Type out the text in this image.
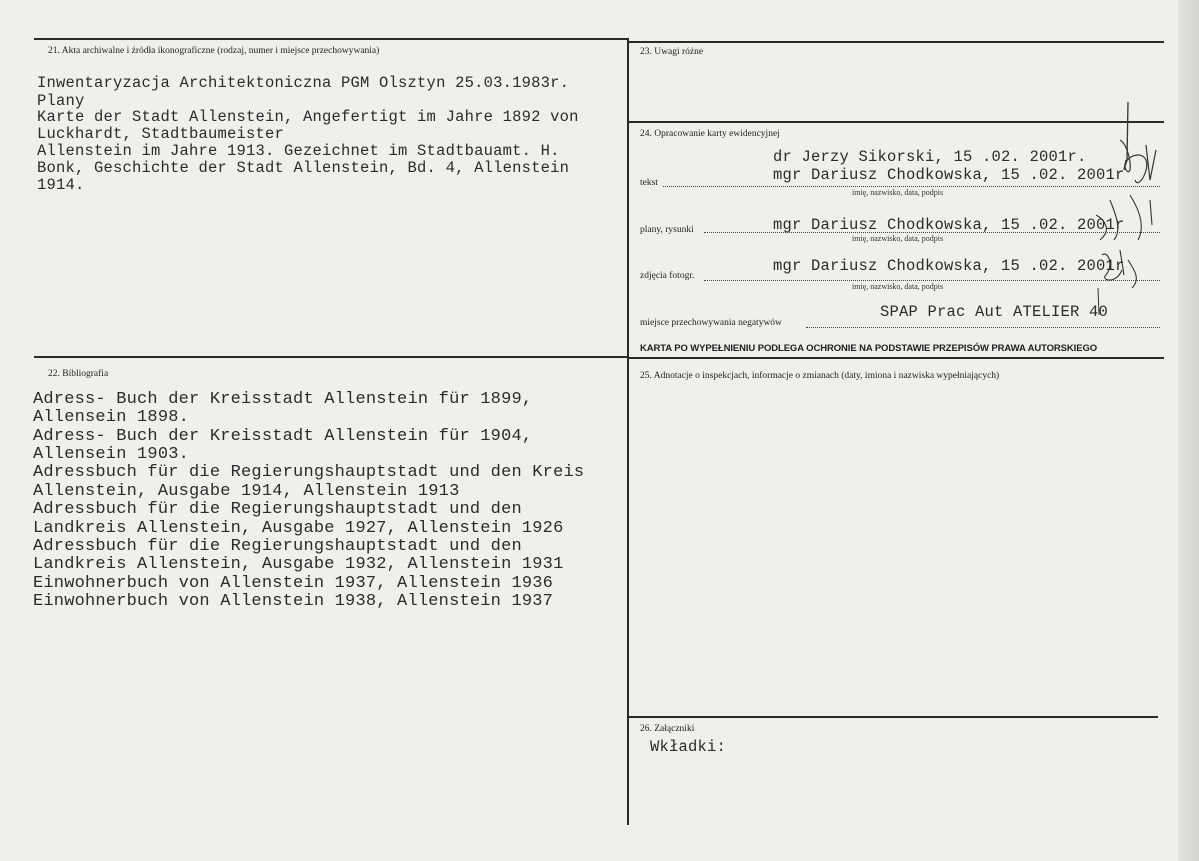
21. Akta archiwalne i źródła ikonograficzne (rodzaj, numer i miejsce przechowywania)
Inwentaryzacja Architektoniczna PGM Olsztyn 25.03.1983r.
Plany
Karte der Stadt Allenstein, Angefertigt im Jahre 1892 von
Luckhardt, Stadtbaumeister
Allenstein im Jahre 1913. Gezeichnet im Stadtbauamt. H.
Bonk, Geschichte der Stadt Allenstein, Bd. 4, Allenstein
1914.
22. Bibliografia
Adress- Buch der Kreisstadt Allenstein für 1899,
Allensein 1898.
Adress- Buch der Kreisstadt Allenstein für 1904,
Allensein 1903.
Adressbuch für die Regierungshauptstadt und den Kreis
Allenstein, Ausgabe 1914, Allenstein 1913
Adressbuch für die Regierungshauptstadt und den
Landkreis Allenstein, Ausgabe 1927, Allenstein 1926
Adressbuch für die Regierungshauptstadt und den
Landkreis Allenstein, Ausgabe 1932, Allenstein 1931
Einwohnerbuch von Allenstein 1937, Allenstein 1936
Einwohnerbuch von Allenstein 1938, Allenstein 1937
23. Uwagi różne
24. Opracowanie karty ewidencyjnej
dr Jerzy Sikorski, 15 .02. 2001r.
mgr Dariusz Chodkowska, 15 .02. 2001r
tekst
imię, nazwisko, data, podpis
mgr Dariusz Chodkowska, 15 .02. 2001r
plany, rysunki
imię, nazwisko, data, podpis
mgr Dariusz Chodkowska, 15 .02. 2001r
zdjęcia fotogr.
imię, nazwisko, data, podpis
SPAP Prac Aut ATELIER 40
miejsce przechowywania negatywów
KARTA PO WYPEŁNIENIU PODLEGA OCHRONIE NA PODSTAWIE PRZEPISÓW PRAWA AUTORSKIEGO
25. Adnotacje o inspekcjach, informacje o zmianach (daty, imiona i nazwiska wypełniających)
26. Załączniki
Wkładki:
